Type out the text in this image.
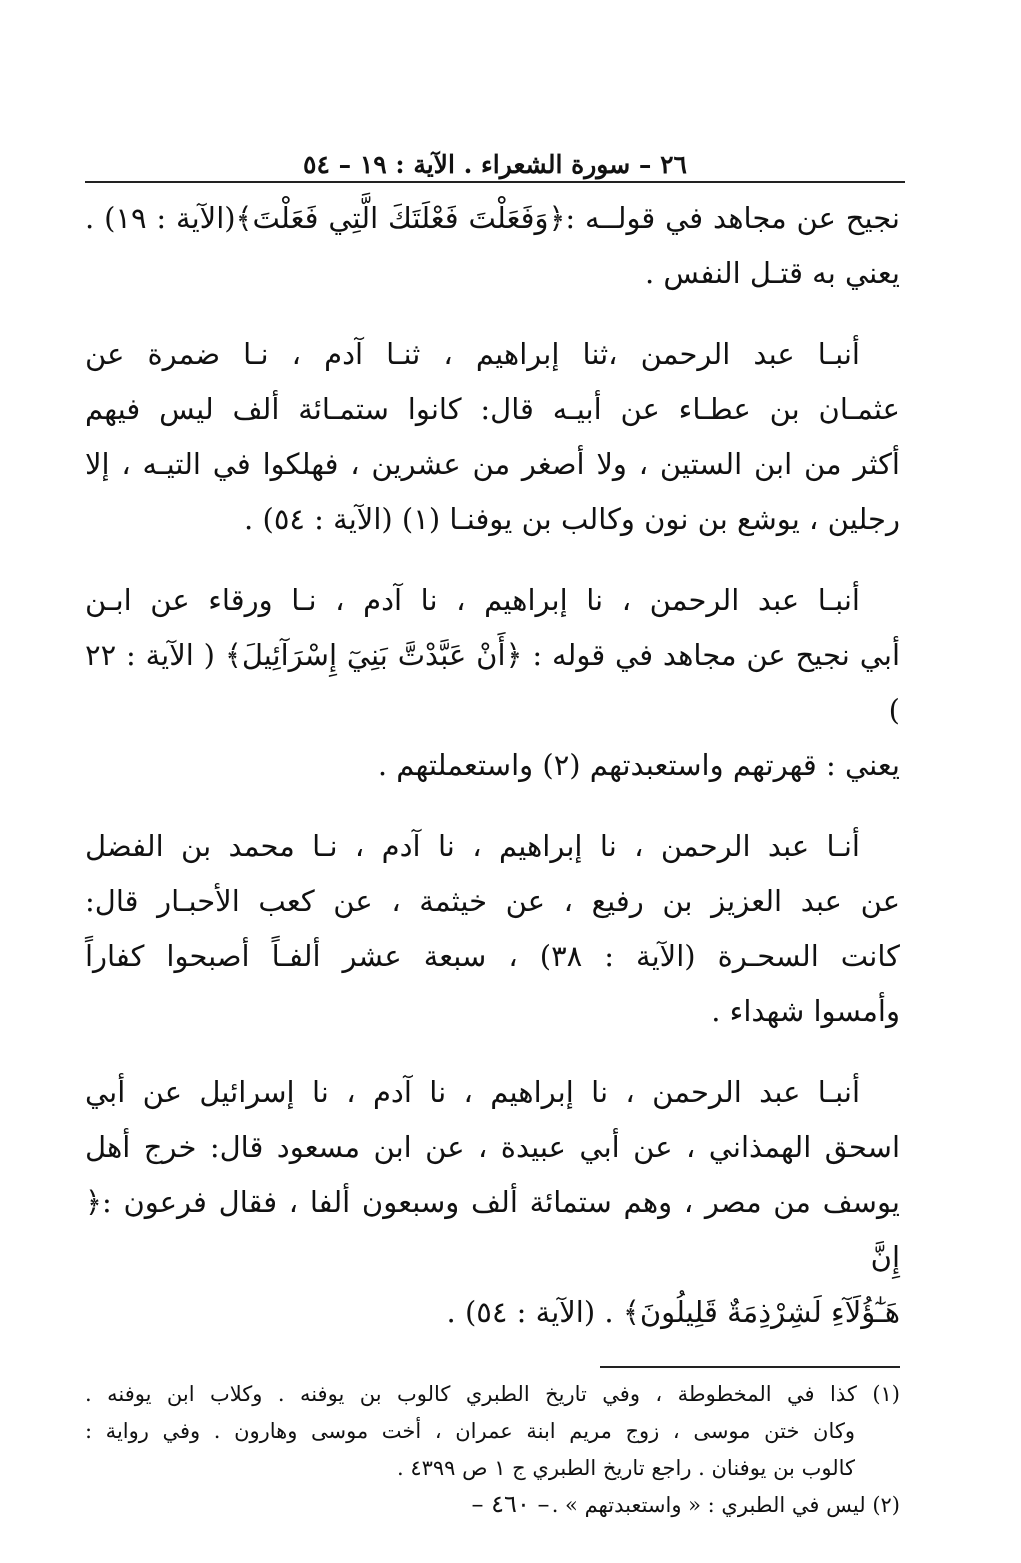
٢٦ – سورة الشعراء . الآية : ١٩ – ٥٤
نجيح عن مجاهد في قولــه :﴿وَفَعَلْتَ فَعْلَتَكَ الَّتِي فَعَلْتَ﴾(الآية : ١٩) .
يعني به قتـل النفس .
أنبـا عبد الرحمن ،ثنا إبراهيم ، ثنـا آدم ، نـا ضمرة عن
عثمـان بن عطـاء عن أبيـه قال: كانوا ستمـائة ألف ليس فيهم
أكثر من ابن الستين ، ولا أصغر من عشرين ، فهلكوا في التيـه ، إلا
رجلين ، يوشع بن نون وكالب بن يوفنـا (١) (الآية : ٥٤) .
أنبـا عبد الرحمن ، نا إبراهيم ، نا آدم ، نـا ورقاء عن ابـن
أبي نجيح عن مجاهد في قوله : ﴿أَنْ عَبَّدْتَّ بَنِيٓ إِسْرَآئِيلَ﴾ ( الآية : ٢٢ )
يعني : قهرتهم واستعبدتهم (٢) واستعملتهم .
أنـا عبد الرحمن ، نا إبراهيم ، نا آدم ، نـا محمد بن الفضل
عن عبد العزيز بن رفيع ، عن خيثمة ، عن كعب الأحبـار قال:
كانت السحـرة (الآية : ٣٨) ، سبعة عشر ألفـاً أصبحوا كفاراً
وأمسوا شهداء .
أنبـا عبد الرحمن ، نا إبراهيم ، نا آدم ، نا إسرائيل عن أبي
اسحق الهمذاني ، عن أبي عبيدة ، عن ابن مسعود قال: خرج أهل
يوسف من مصر ، وهم ستمائة ألف وسبعون ألفا ، فقال فرعون :﴿ إِنَّ
هَـٰٓؤُلَآءِ لَشِرْذِمَةٌ قَلِيلُونَ﴾ . (الآية : ٥٤) .
(١) كذا في المخطوطة ، وفي تاريخ الطبري كالوب بن يوفنه . وكلاب ابن يوفنه .
وكان ختن موسى ، زوج مريم ابنة عمران ، أخت موسى وهارون . وفي رواية :
كالوب بن يوفنان . راجع تاريخ الطبري ج ١ ص ٤٣٩٩ .
(٢) ليس في الطبري : « واستعبدتهم » .
– ٤٦٠ –
